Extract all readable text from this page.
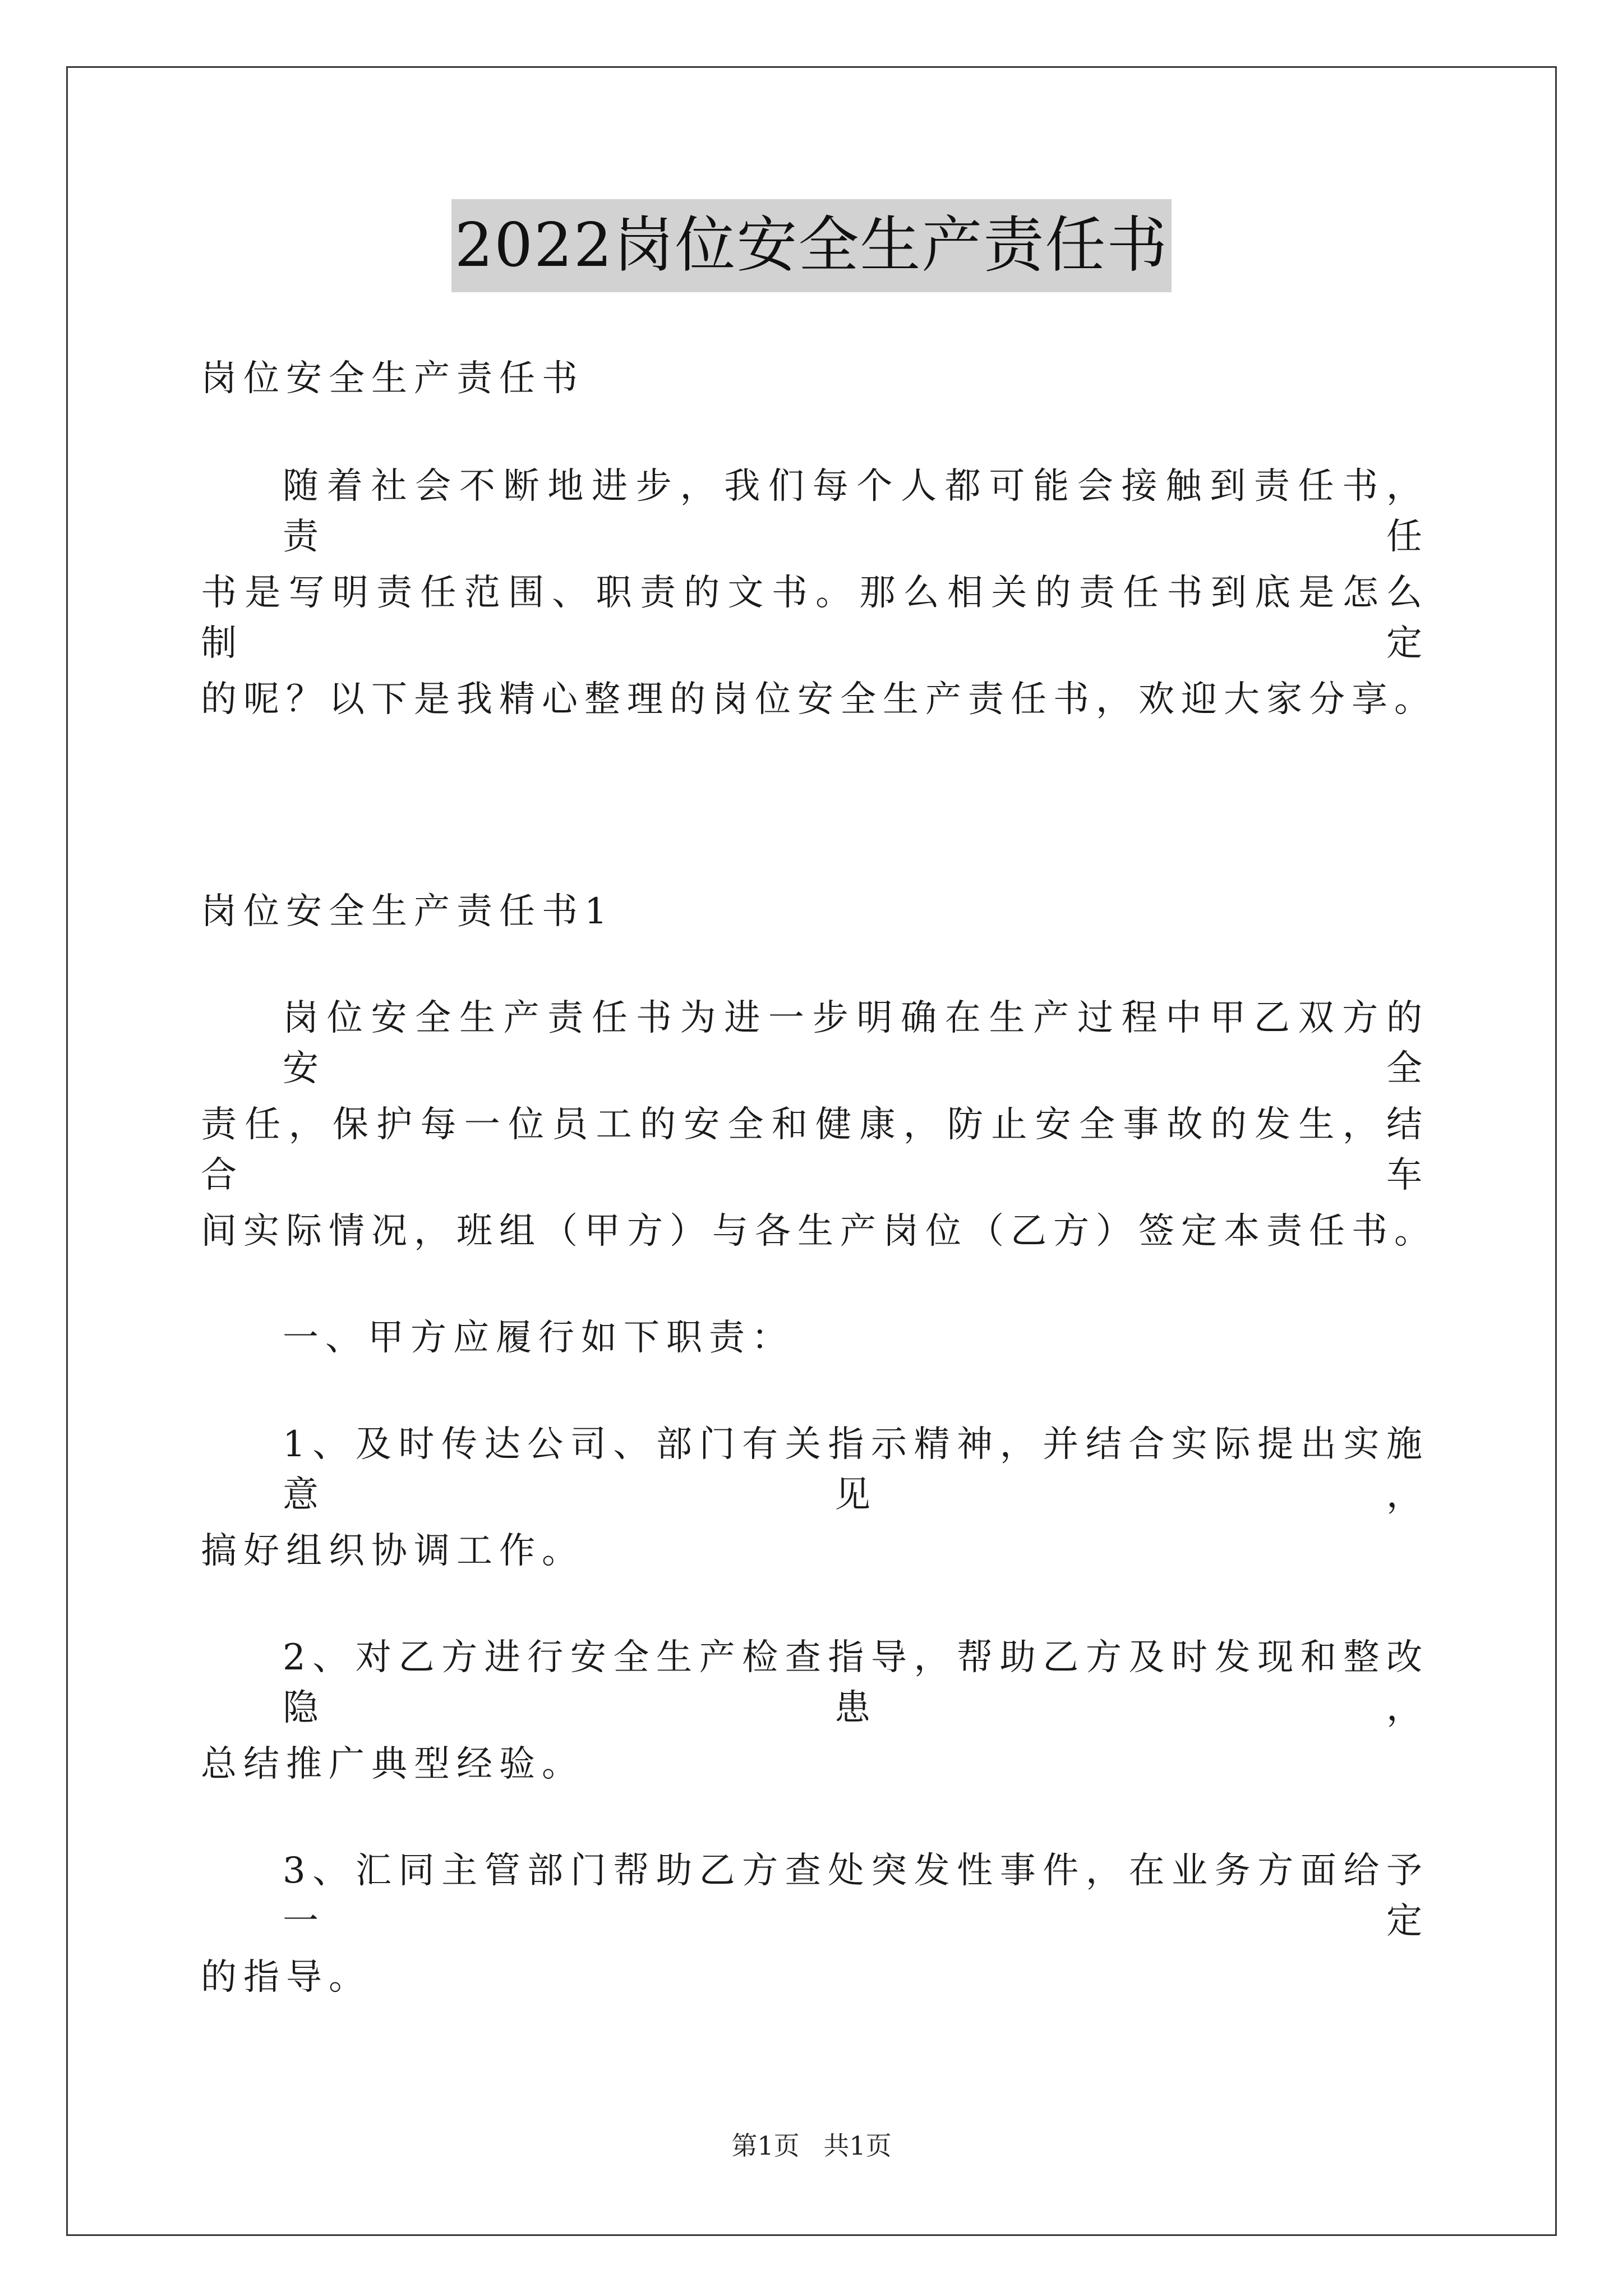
2022岗位安全生产责任书
岗位安全生产责任书
随着社会不断地进步，我们每个人都可能会接触到责任书，责任
书是写明责任范围、职责的文书。那么相关的责任书到底是怎么制定
的呢？以下是我精心整理的岗位安全生产责任书，欢迎大家分享。
岗位安全生产责任书1
岗位安全生产责任书为进一步明确在生产过程中甲乙双方的安全
责任，保护每一位员工的安全和健康，防止安全事故的发生，结合车
间实际情况，班组（甲方）与各生产岗位（乙方）签定本责任书。
一、甲方应履行如下职责：
1、及时传达公司、部门有关指示精神，并结合实际提出实施意见，
搞好组织协调工作。
2、对乙方进行安全生产检查指导，帮助乙方及时发现和整改隐患，
总结推广典型经验。
3、汇同主管部门帮助乙方查处突发性事件，在业务方面给予一定
的指导。
第1页 共1页
